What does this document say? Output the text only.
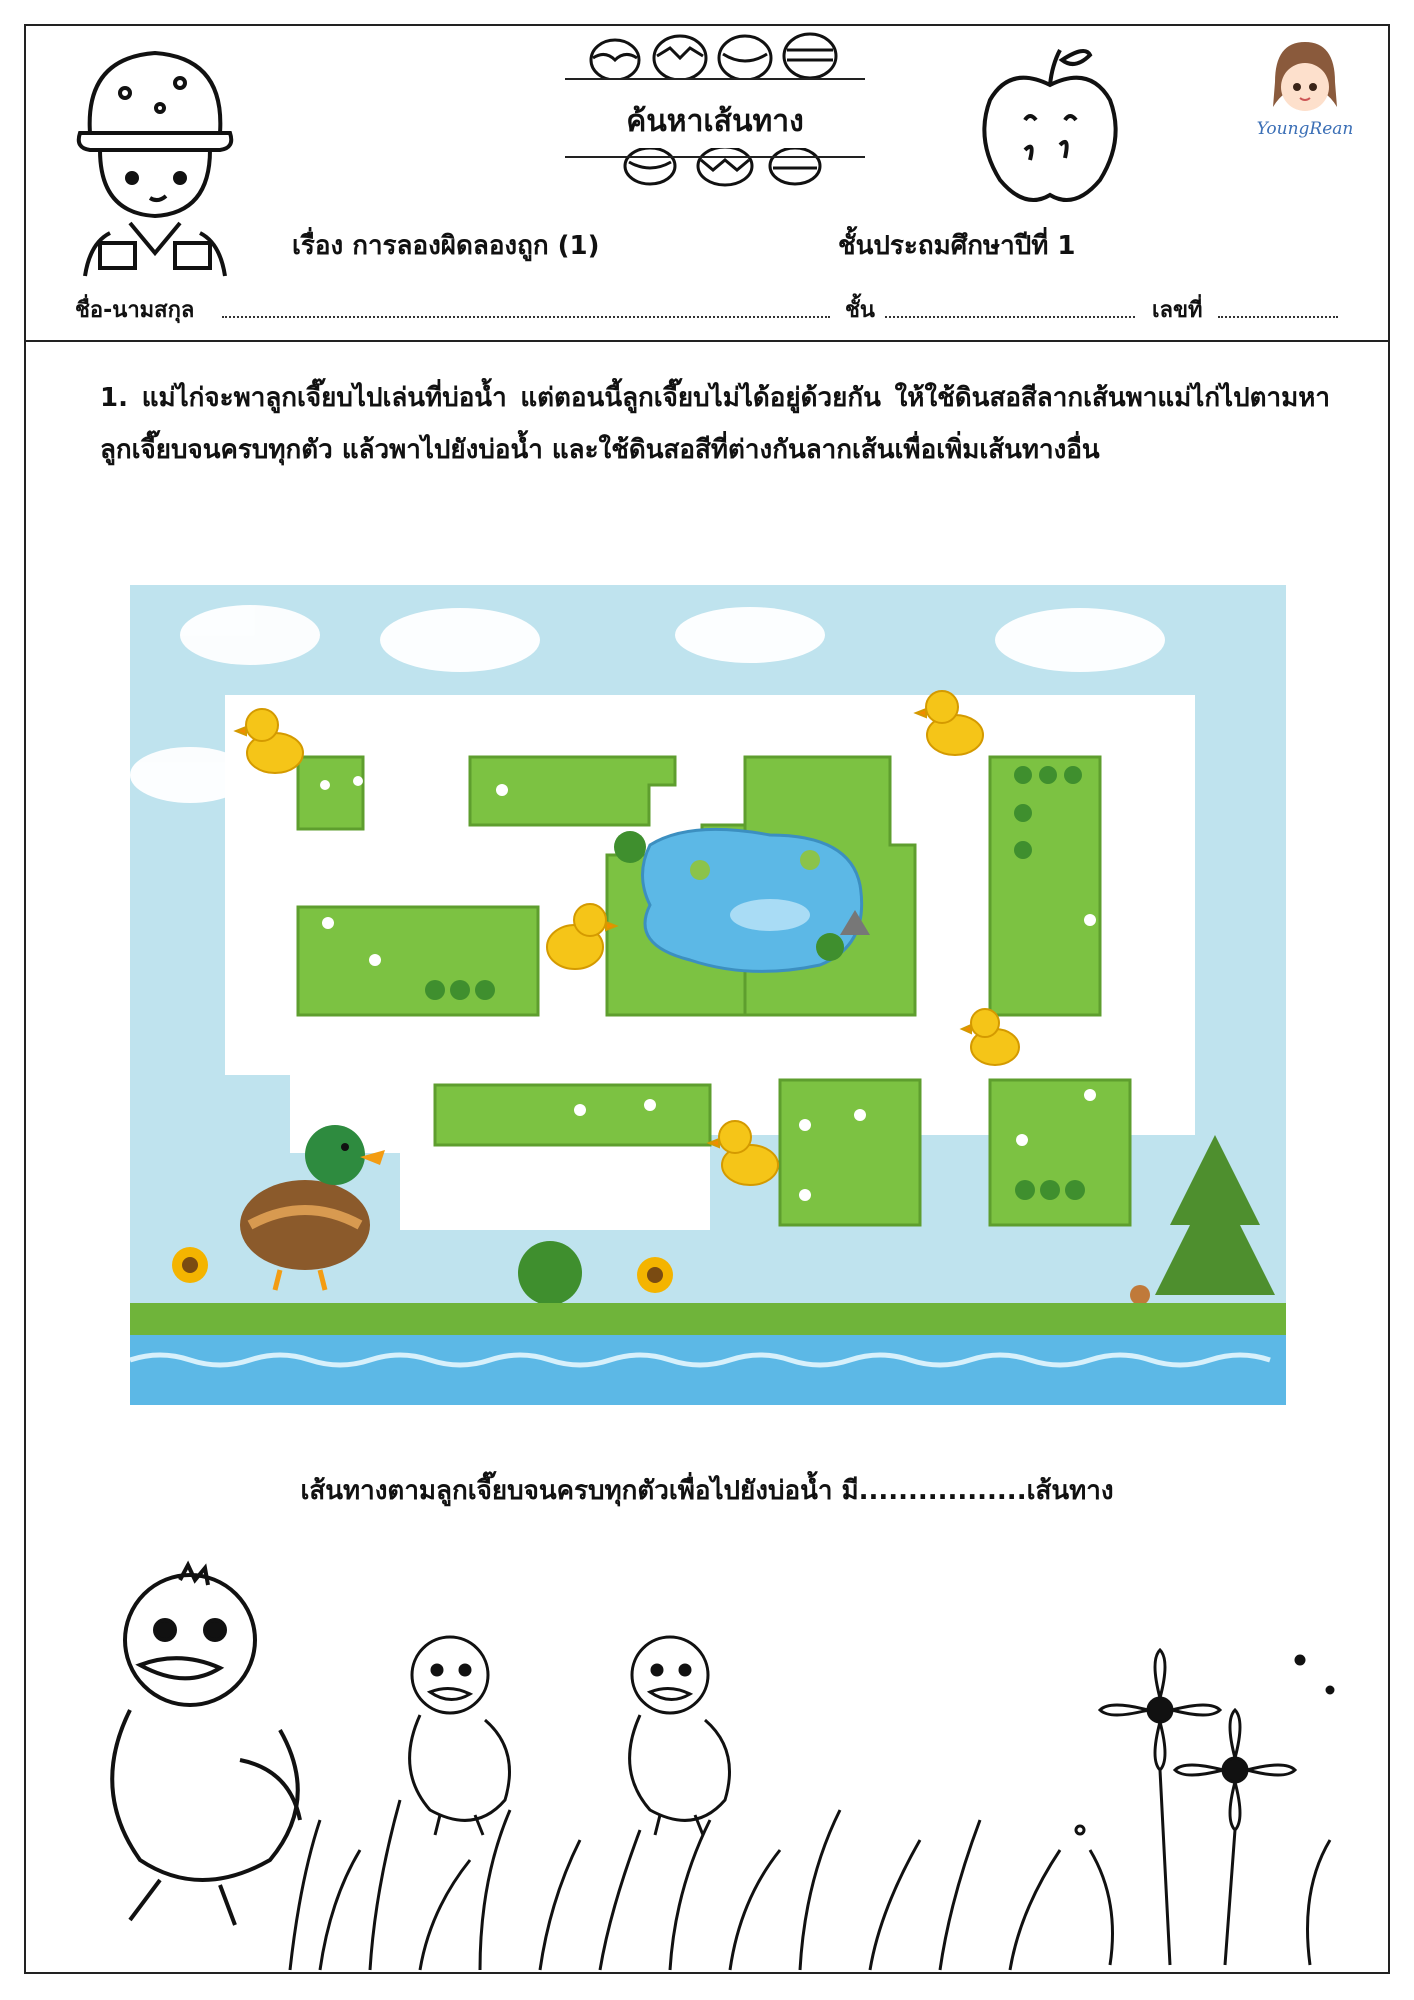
ค้นหาเส้นทาง	YoungRean
เรื่อง การลองผิดลองถูก (1)	ชั้นประถมศึกษาปีที่ 1
ชื่อ-นามสกุล	ชั้น	เลขที่
1. แม่ไก่จะพาลูกเจี๊ยบไปเล่นที่บ่อน้ำ แต่ตอนนี้ลูกเจี๊ยบไม่ได้อยู่ด้วยกัน ให้ใช้ดินสอสีลากเส้นพาแม่ไก่ไปตามหาลูกเจี๊ยบจนครบทุกตัว แล้วพาไปยังบ่อน้ำ และใช้ดินสอสีที่ต่างกันลากเส้นเพื่อเพิ่มเส้นทางอื่น
เส้นทางตามลูกเจี๊ยบจนครบทุกตัวเพื่อไปยังบ่อน้ำ มี.................เส้นทาง
